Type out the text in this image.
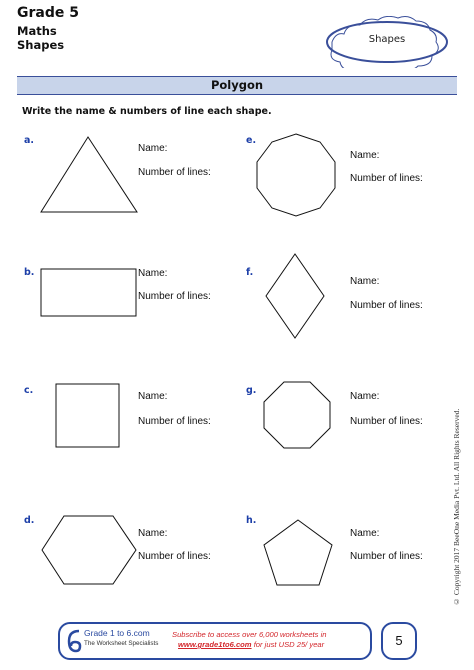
Grade 5
Maths
Shapes	Shapes
Polygon
Write the name & numbers of line each shape.
a.
Name:
Number of lines:
b.	Name:
Number of lines:
c.
Name:
Number of lines:
d.
Name:
Number of lines:
e.
Name:
Number of lines:
f.
Name:
Number of lines:
g.
Name:
Number of lines:
h.
Name:
Number of lines:	© Copyright 2017 BeeOne Media Pvt. Ltd. All Rights Reserved.
Grade 1 to 6.com
The Worksheet Specialists
Subscribe to access over 6,000 worksheets in
www.grade1to6.com for just USD 25/ year	5
